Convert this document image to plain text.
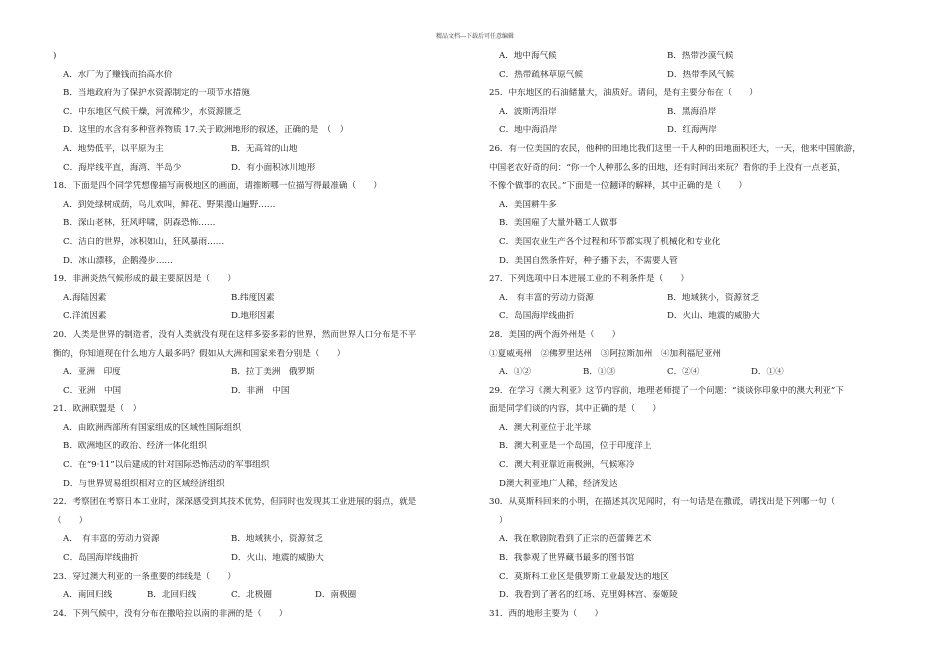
精品文档---下载后可任意编辑
)
A．水厂为了赚钱而抬高水价
B．当地政府为了保护水资源制定的一项节水措施
C．中东地区气候干燥，河流稀少，水资源匮乏
D．这里的水含有多种营养物质 17.关于欧洲地形的叙述，正确的是　（　）
A．地势低平，以平原为主	B．无高耸的山地
C．海岸线平直，海湾、半岛少	D．有小面积冰川地形
18．下面是四个同学凭想像描写南极地区的画面，请推断哪一位描写得最准确（　　）
A．到处绿树成荫，鸟儿欢叫，鲜花、野果漫山遍野……
B．深山老林，狂风呼啸，阴森恐怖……
C．洁白的世界，冰积如山，狂风暴雨……
D．冰山漂移，企鹅漫步……
19．非洲炎热气候形成的最主要原因是（　　）
A.海陆因素	B.纬度因素
C.洋流因素	D.地形因素
20．人类是世界的制造者，没有人类就没有现在这样多姿多彩的世界，然而世界人口分布是不平
衡的，你知道现在什么地方人最多吗？假如从大洲和国家来看分别是（　　）
A．亚洲　印度	B．拉丁美洲　俄罗斯
C．亚洲　中国	D．非洲　中国
21．欧洲联盟是（　）
A．由欧洲西部所有国家组成的区域性国际组织
B．欧洲地区的政治、经济一体化组织
C．在“9·11”以后建成的针对国际恐怖活动的军事组织
D．与世界贸易组织相对立的区域经济组织
22．考察团在考察日本工业时，深深感受到其技术优势，但同时也发现其工业进展的弱点，就是
（　　）
A．　有丰富的劳动力资源	B．地域狭小，资源贫乏
C．岛国海岸线曲折	D．火山、地震的威胁大
23．穿过澳大利亚的一条重要的纬线是（　　）
A．南回归线	B．北回归线	C．北极圈	D．南极圈
24．下列气候中，没有分布在撒哈拉以南的非洲的是（　　）
A．地中海气候	B．热带沙漠气候
C．热带疏林草原气候	D．热带季风气候
25．中东地区的石油储量大，油质好。请问，是有主要分布在（　　）
A．波斯湾沿岸	B．黑海沿岸
C．地中海沿岸	D．红海两岸
26．有一位美国的农民，他种的田地比我们这里一千人种的田地面积还大，一天，他来中国旅游，
中国老农好奇的问：“你一个人种那么多的田地，还有时间出来玩？看你的手上没有一点老茧，
不像个做事的农民。”下面是一位翻译的解释，其中正确的是（　　）
A．美国耕牛多
B．美国雇了大量外籍工人做事
C．美国农业生产各个过程和环节都实现了机械化和专业化
D．美国自然条件好，种子播下去，不需要人管
27．下列选项中日本进展工业的不利条件是（　　）
A.　有丰富的劳动力资源	B．地域狭小，资源贫乏
C．岛国海岸线曲折	D．火山、地震的威胁大
28．美国的两个海外州是（　　）
①夏威夷州　②佛罗里达州　③阿拉斯加州　④加利福尼亚州
A．①②	B．①③	C．②④	D．①④
29．在学习《澳大利亚》这节内容前，地理老师提了一个问题：“谈谈你印象中的澳大利亚”下
面是同学们谈的内容，其中正确的是（　　）
A．澳大利亚位于北半球
B．澳大利亚是一个岛国，位于印度洋上
C．澳大利亚靠近南极洲，气候寒冷
D澳大利亚地广人稀，经济发达
30．从莫斯科回来的小明，在描述其次见闻时，有一句话是在撒谎，请找出是下列哪一句（
）
A．我在歌剧院看到了正宗的芭蕾舞艺术
B．我参观了世界藏书最多的图书馆
C．莫斯科工业区是俄罗斯工业最发达的地区
D．我看到了著名的红场、克里姆林宫、泰姬陵
31．西的地形主要为（　　）
